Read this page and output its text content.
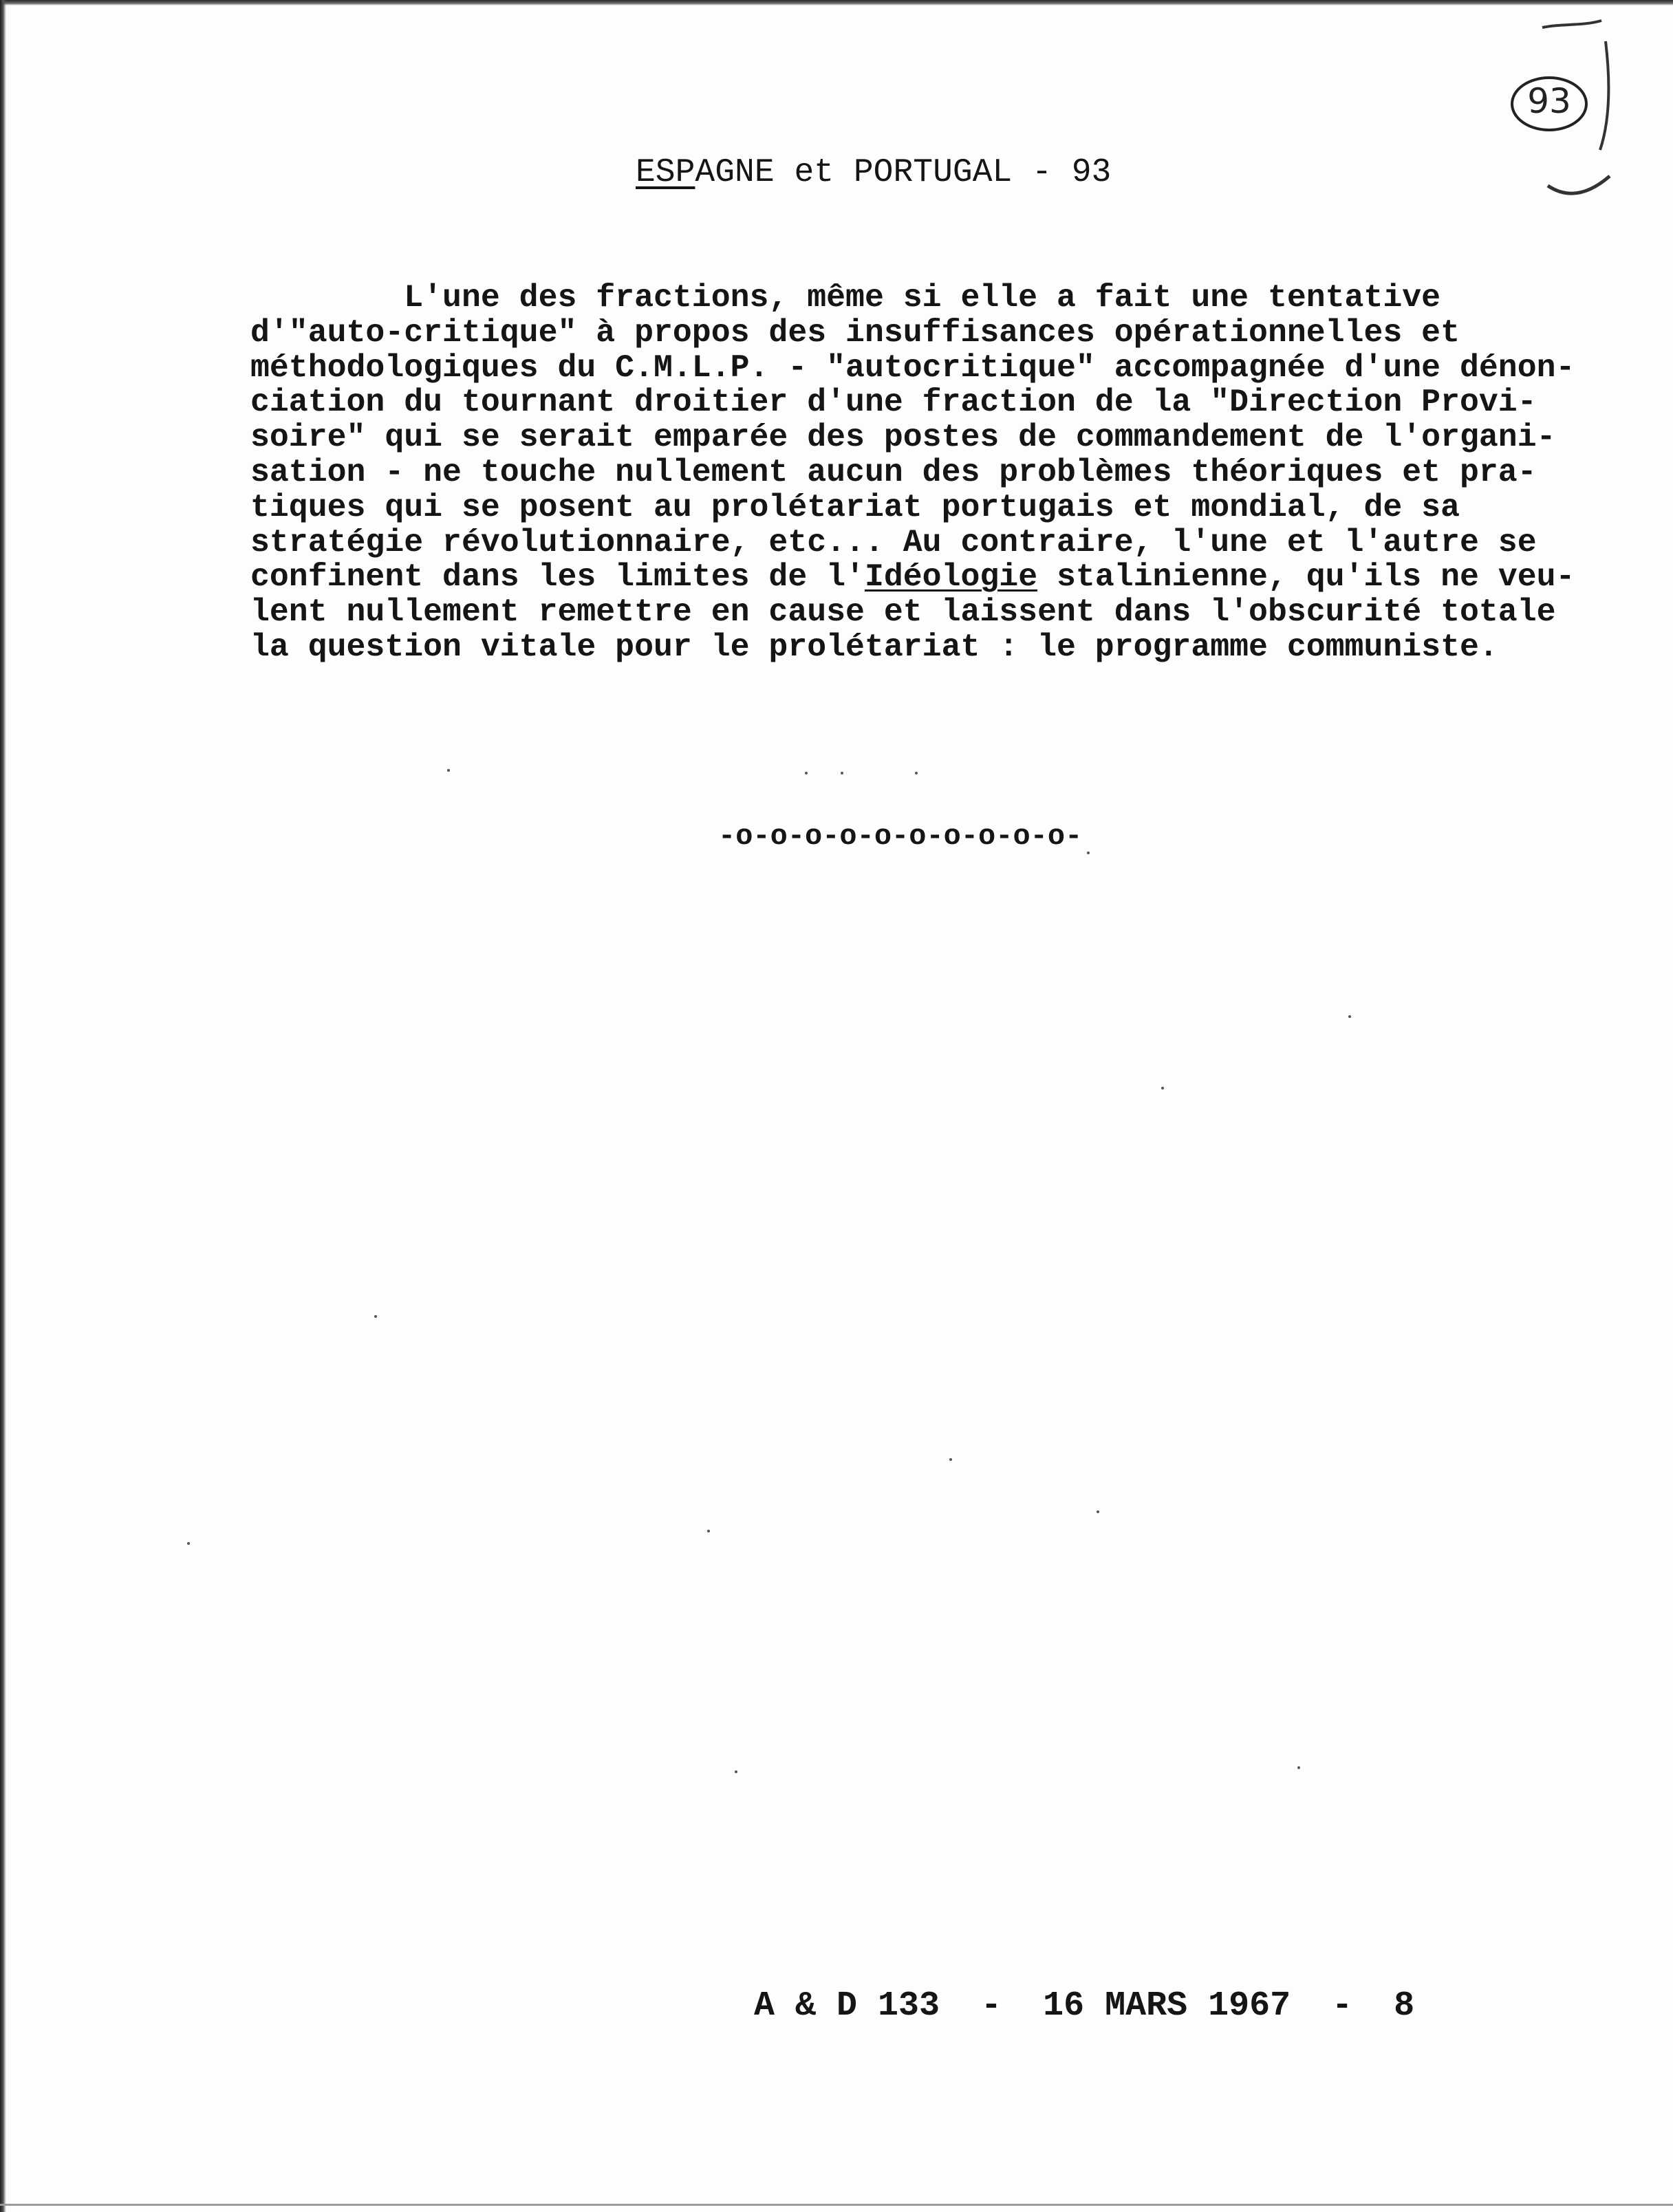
93
ESPAGNE et PORTUGAL - 93
L'une des fractions, même si elle a fait une tentative
d'"auto-critique" à propos des insuffisances opérationnelles et
méthodologiques du C.M.L.P. - "autocritique" accompagnée d'une dénon-
ciation du tournant droitier d'une fraction de la "Direction Provi-
soire" qui se serait emparée des postes de commandement de l'organi-
sation - ne touche nullement aucun des problèmes théoriques et pra-
tiques qui se posent au prolétariat portugais et mondial, de sa
stratégie révolutionnaire, etc... Au contraire, l'une et l'autre se
confinent dans les limites de l'Idéologie stalinienne, qu'ils ne veu-
lent nullement remettre en cause et laissent dans l'obscurité totale
la question vitale pour le prolétariat : le programme communiste.
-o-o-o-o-o-o-o-o-o-o-
A & D 133  -  16 MARS 1967  -  8
